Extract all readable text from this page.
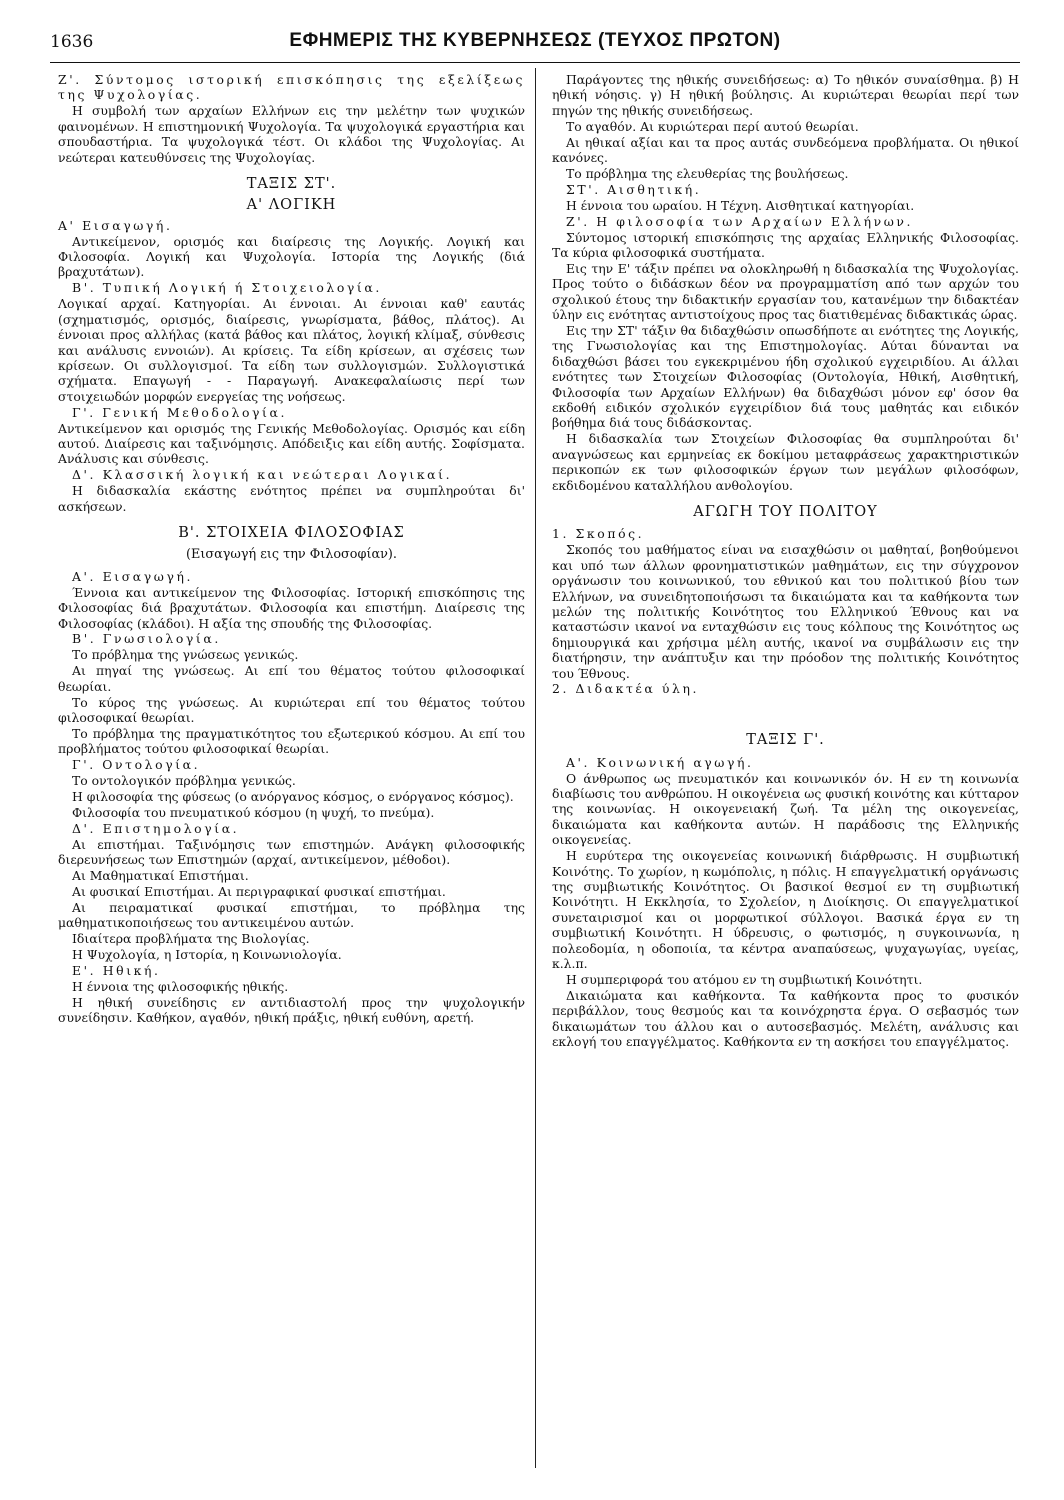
1636	ΕΦΗΜΕΡΙΣ ΤΗΣ ΚΥΒΕΡΝΗΣΕΩΣ (ΤΕΥΧΟΣ ΠΡΩΤΟΝ)

Ζ'. Σύντομος ιστορική επισκόπησις της εξελίξεως της Ψυχολογίας.

Η συμβολή των αρχαίων Ελλήνων εις την μελέτην των ψυχικών φαινομένων. Η επιστημονική Ψυχολογία. Τα ψυχολογικά εργαστήρια και σπουδαστήρια. Τα ψυχολογικά τέστ. Οι κλάδοι της Ψυχολογίας. Αι νεώτεραι κατευθύνσεις της Ψυχολογίας.

ΤΑΞΙΣ ΣΤ'.
Α' ΛΟΓΙΚΗ

Α' Εισαγωγή.

Αντικείμενον, ορισμός και διαίρεσις της Λογικής. Λογική και Φιλοσοφία. Λογική και Ψυχολογία. Ιστορία της Λογικής (διά βραχυτάτων).

Β'. Τυπική Λογική ή Στοιχειολογία.

Λογικαί αρχαί. Κατηγορίαι. Αι έννοιαι. Αι έννοιαι καθ' εαυτάς (σχηματισμός, ορισμός, διαίρεσις, γνωρίσματα, βάθος, πλάτος). Αι έννοιαι προς αλλήλας (κατά βάθος και πλάτος, λογική κλίμαξ, σύνθεσις και ανάλυσις εννοιών). Αι κρίσεις. Τα είδη κρίσεων, αι σχέσεις των κρίσεων. Οι συλλογισμοί. Τα είδη των συλλογισμών. Συλλογιστικά σχήματα. Επαγωγή - - Παραγωγή. Ανακεφαλαίωσις περί των στοιχειωδών μορφών ενεργείας της νοήσεως.

Γ'. Γενική Μεθοδολογία.

Αντικείμενον και ορισμός της Γενικής Μεθοδολογίας. Ορισμός και είδη αυτού. Διαίρεσις και ταξινόμησις. Απόδειξις και είδη αυτής. Σοφίσματα. Ανάλυσις και σύνθεσις.

Δ'. Κλασσική λογική και νεώτεραι Λογικαί.

Η διδασκαλία εκάστης ενότητος πρέπει να συμπληρούται δι' ασκήσεων.

Β'. ΣΤΟΙΧΕΙΑ ΦΙΛΟΣΟΦΙΑΣ
(Εισαγωγή εις την Φιλοσοφίαν).

Α'. Εισαγωγή.

Έννοια και αντικείμενον της Φιλοσοφίας. Ιστορική επισκόπησις της Φιλοσοφίας διά βραχυτάτων. Φιλοσοφία και επιστήμη. Διαίρεσις της Φιλοσοφίας (κλάδοι). Η αξία της σπουδής της Φιλοσοφίας.

Β'. Γνωσιολογία.

Το πρόβλημα της γνώσεως γενικώς.

Αι πηγαί της γνώσεως. Αι επί του θέματος τούτου φιλοσοφικαί θεωρίαι.

Το κύρος της γνώσεως. Αι κυριώτεραι επί του θέματος τούτου φιλοσοφικαί θεωρίαι.

Το πρόβλημα της πραγματικότητος του εξωτερικού κόσμου. Αι επί του προβλήματος τούτου φιλοσοφικαί θεωρίαι.

Γ'. Οντολογία.

Το οντολογικόν πρόβλημα γενικώς.

Η φιλοσοφία της φύσεως (ο ανόργανος κόσμος, ο ενόργανος κόσμος).

Φιλοσοφία του πνευματικού κόσμου (η ψυχή, το πνεύμα).

Δ'. Επιστημολογία.

Αι επιστήμαι. Ταξινόμησις των επιστημών. Ανάγκη φιλοσοφικής διερευνήσεως των Επιστημών (αρχαί, αντικείμενον, μέθοδοι).

Αι Μαθηματικαί Επιστήμαι.

Αι φυσικαί Επιστήμαι. Αι περιγραφικαί φυσικαί επιστήμαι.

Αι πειραματικαί φυσικαί επιστήμαι, το πρόβλημα της μαθηματικοποιήσεως του αντικειμένου αυτών.

Ιδιαίτερα προβλήματα της Βιολογίας.

Η Ψυχολογία, η Ιστορία, η Κοινωνιολογία.

Ε'. Ηθική.

Η έννοια της φιλοσοφικής ηθικής.

Η ηθική συνείδησις εν αντιδιαστολή προς την ψυχολογικήν συνείδησιν. Καθήκον, αγαθόν, ηθική πράξις, ηθική ευθύνη, αρετή.

Παράγοντες της ηθικής συνειδήσεως: α) Το ηθικόν συναίσθημα. β) Η ηθική νόησις. γ) Η ηθική βούλησις. Αι κυριώτεραι θεωρίαι περί των πηγών της ηθικής συνειδήσεως.

Το αγαθόν. Αι κυριώτεραι περί αυτού θεωρίαι.

Αι ηθικαί αξίαι και τα προς αυτάς συνδεόμενα προβλήματα. Οι ηθικοί κανόνες.

Το πρόβλημα της ελευθερίας της βουλήσεως.

ΣΤ'. Αισθητική.

Η έννοια του ωραίου. Η Τέχνη. Αισθητικαί κατηγορίαι.

Ζ'. Η φιλοσοφία των Αρχαίων Ελλήνων.

Σύντομος ιστορική επισκόπησις της αρχαίας Ελληνικής Φιλοσοφίας. Τα κύρια φιλοσοφικά συστήματα.

Εις την Ε' τάξιν πρέπει να ολοκληρωθή η διδασκαλία της Ψυχολογίας. Προς τούτο ο διδάσκων δέον να προγραμματίση από των αρχών του σχολικού έτους την διδακτικήν εργασίαν του, κατανέμων την διδακτέαν ύλην εις ενότητας αντιστοίχους προς τας διατιθεμένας διδακτικάς ώρας.

Εις την ΣΤ' τάξιν θα διδαχθώσιν οπωσδήποτε αι ενότητες της Λογικής, της Γνωσιολογίας και της Επιστημολογίας. Αύται δύνανται να διδαχθώσι βάσει του εγκεκριμένου ήδη σχολικού εγχειριδίου. Αι άλλαι ενότητες των Στοιχείων Φιλοσοφίας (Οντολογία, Ηθική, Αισθητική, Φιλοσοφία των Αρχαίων Ελλήνων) θα διδαχθώσι μόνον εφ' όσον θα εκδοθή ειδικόν σχολικόν εγχειρίδιον διά τους μαθητάς και ειδικόν βοήθημα διά τους διδάσκοντας.

Η διδασκαλία των Στοιχείων Φιλοσοφίας θα συμπληρούται δι' αναγνώσεως και ερμηνείας εκ δοκίμου μεταφράσεως χαρακτηριστικών περικοπών εκ των φιλοσοφικών έργων των μεγάλων φιλοσόφων, εκδιδομένου καταλλήλου ανθολογίου.

ΑΓΩΓΗ ΤΟΥ ΠΟΛΙΤΟΥ

1. Σκοπός.

Σκοπός του μαθήματος είναι να εισαχθώσιν οι μαθηταί, βοηθούμενοι και υπό των άλλων φρονηματιστικών μαθημάτων, εις την σύγχρονον οργάνωσιν του κοινωνικού, του εθνικού και του πολιτικού βίου των Ελλήνων, να συνειδητοποιήσωσι τα δικαιώματα και τα καθήκοντα των μελών της πολιτικής Κοινότητος του Ελληνικού Έθνους και να καταστώσιν ικανοί να ενταχθώσιν εις τους κόλπους της Κοινότητος ως δημιουργικά και χρήσιμα μέλη αυτής, ικανοί να συμβάλωσιν εις την διατήρησιν, την ανάπτυξιν και την πρόοδον της πολιτικής Κοινότητος του Έθνους.

2. Διδακτέα ύλη.

ΤΑΞΙΣ Γ'.

Α'. Κοινωνική αγωγή.

Ο άνθρωπος ως πνευματικόν και κοινωνικόν όν. Η εν τη κοινωνία διαβίωσις του ανθρώπου. Η οικογένεια ως φυσική κοινότης και κύτταρον της κοινωνίας. Η οικογενειακή ζωή. Τα μέλη της οικογενείας, δικαιώματα και καθήκοντα αυτών. Η παράδοσις της Ελληνικής οικογενείας.

Η ευρύτερα της οικογενείας κοινωνική διάρθρωσις. Η συμβιωτική Κοινότης. Το χωρίον, η κωμόπολις, η πόλις. Η επαγγελματική οργάνωσις της συμβιωτικής Κοινότητος. Οι βασικοί θεσμοί εν τη συμβιωτική Κοινότητι. Η Εκκλησία, το Σχολείον, η Διοίκησις. Οι επαγγελματικοί συνεταιρισμοί και οι μορφωτικοί σύλλογοι. Βασικά έργα εν τη συμβιωτική Κοινότητι. Η ύδρευσις, ο φωτισμός, η συγκοινωνία, η πολεοδομία, η οδοποιία, τα κέντρα αναπαύσεως, ψυχαγωγίας, υγείας, κ.λ.π.

Η συμπεριφορά του ατόμου εν τη συμβιωτική Κοινότητι.

Δικαιώματα και καθήκοντα. Τα καθήκοντα προς το φυσικόν περιβάλλον, τους θεσμούς και τα κοινόχρηστα έργα. Ο σεβασμός των δικαιωμάτων του άλλου και ο αυτοσεβασμός. Μελέτη, ανάλυσις και εκλογή του επαγγέλματος. Καθήκοντα εν τη ασκήσει του επαγγέλματος.
